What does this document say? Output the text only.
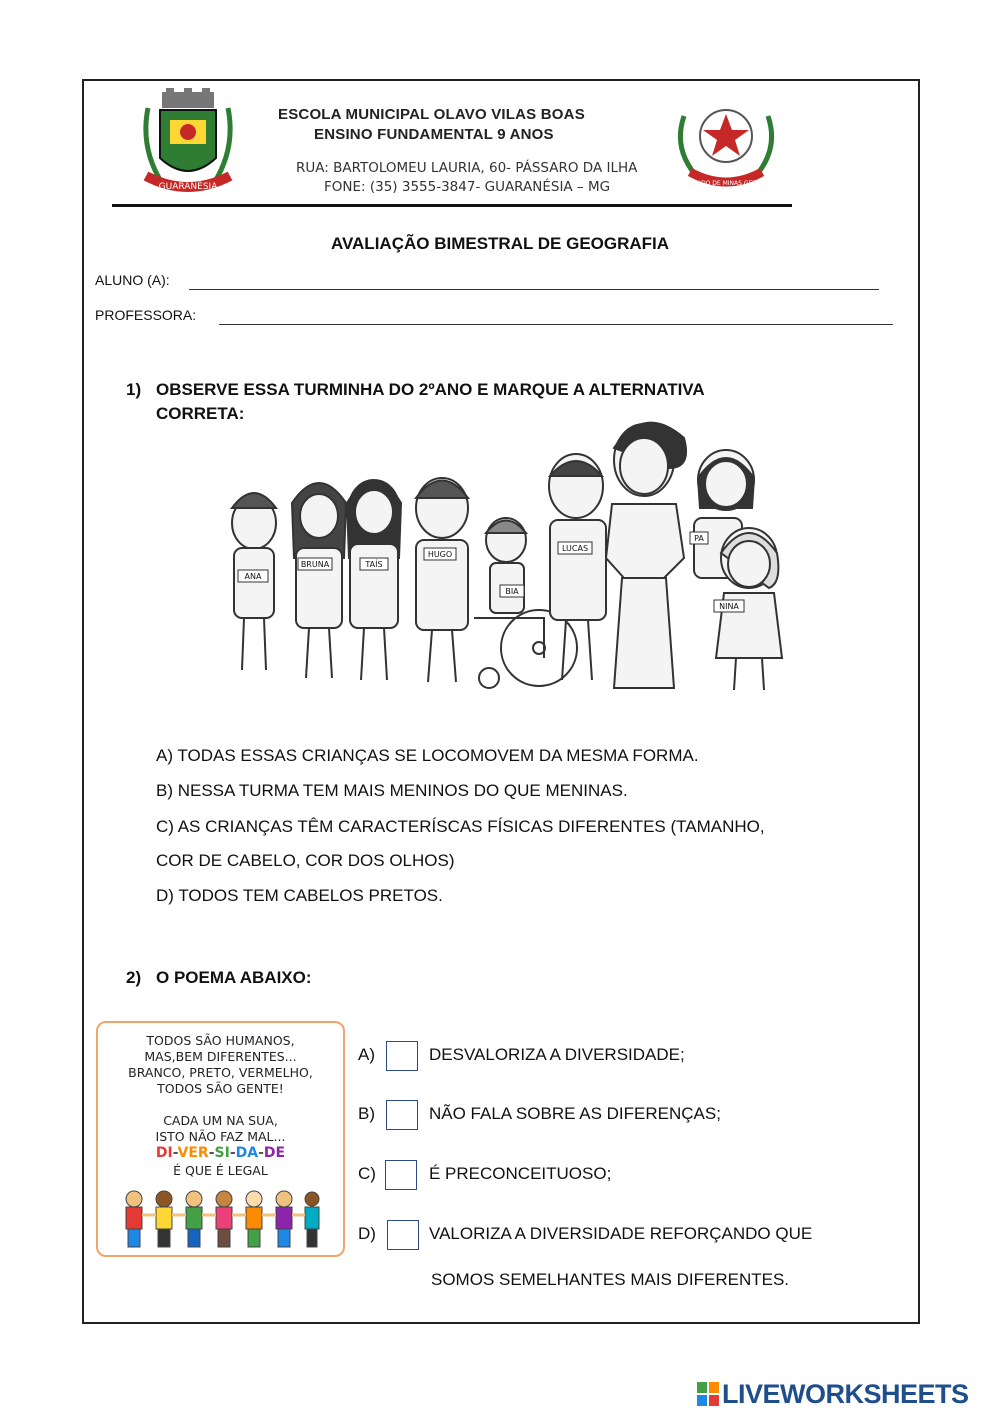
GUARANÉSIA	ESTADO DE MINAS GERAIS
ESCOLA MUNICIPAL OLAVO VILAS BOAS
ENSINO FUNDAMENTAL 9 ANOS
RUA: BARTOLOMEU LAURIA, 60- PÁSSARO DA ILHA
FONE: (35) 3555-3847- GUARANÉSIA – MG
AVALIAÇÃO BIMESTRAL DE GEOGRAFIA
ALUNO (A):
PROFESSORA:
1) OBSERVE ESSA TURMINHA DO 2ºANO E MARQUE A ALTERNATIVA
CORRETA:
ANA
BRUNA	TAÍS
HUGO
BIA
LUCAS
PA
NINA
A) TODAS ESSAS CRIANÇAS SE LOCOMOVEM DA MESMA FORMA.
B) NESSA TURMA TEM MAIS MENINOS DO QUE MENINAS.
C) AS CRIANÇAS TÊM CARACTERÍSCAS FÍSICAS DIFERENTES (TAMANHO,
COR DE CABELO, COR DOS OLHOS)
D) TODOS TEM CABELOS PRETOS.
2) O POEMA ABAIXO:
TODOS SÃO HUMANOS,
MAS,BEM DIFERENTES...
BRANCO, PRETO, VERMELHO,
TODOS SÃO GENTE!
CADA UM NA SUA,
ISTO NÃO FAZ MAL...
DI-VER-SI-DA-DE
É QUE É LEGAL
A)	DESVALORIZA A DIVERSIDADE;
B)	NÃO FALA SOBRE AS DIFERENÇAS;
C)	É PRECONCEITUOSO;
D)	VALORIZA A DIVERSIDADE REFORÇANDO QUE
SOMOS SEMELHANTES MAIS DIFERENTES.
LIVEWORKSHEETS
